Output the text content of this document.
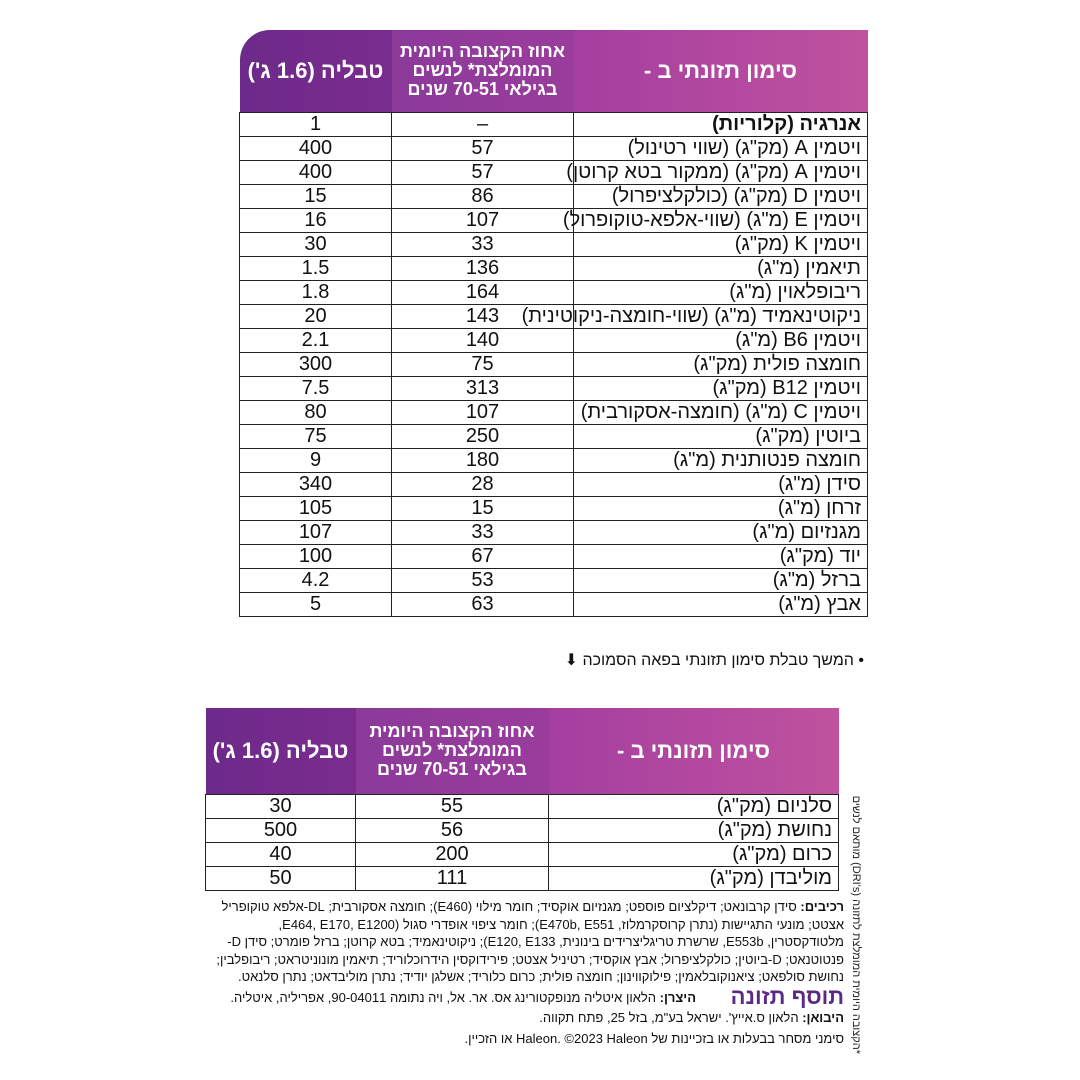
סימון תזונתי ב -	אחוז הקצובה היומית המומלצת* לנשים בגילאי 70-51 שנים	טבליה (1.6 ג')
אנרגיה (קלוריות)	–	1
ויטמין A (מק"ג) (שווי רטינול)	57	400
ויטמין A (מק"ג) (ממקור בטא קרוטן)	57	400
ויטמין D (מק"ג) (כולקלציפרול)	86	15
ויטמין E (מ"ג) (שווי-אלפא-טוקופרול)	107	16
ויטמין K (מק"ג)	33	30
תיאמין (מ"ג)	136	1.5
ריבופלאוין (מ"ג)	164	1.8
ניקוטינאמיד (מ"ג) (שווי-חומצה-ניקוטינית)	143	20
ויטמין B6 (מ"ג)	140	2.1
חומצה פולית (מק"ג)	75	300
ויטמין B12 (מק"ג)	313	7.5
ויטמין C (מ"ג) (חומצה-אסקורבית)	107	80
ביוטין (מק"ג)	250	75
חומצה פנטותנית (מ"ג)	180	9
סידן (מ"ג)	28	340
זרחן (מ"ג)	15	105
מגנזיום (מ"ג)	33	107
יוד (מק"ג)	67	100
ברזל (מ"ג)	53	4.2
אבץ (מ"ג)	63	5
• המשך טבלת סימון תזונתי בפאה הסמוכה ⬇
סימון תזונתי ב -	אחוז הקצובה היומית המומלצת* לנשים בגילאי 70-51 שנים	טבליה (1.6 ג')
סלניום (מק"ג)	55	30
נחושת (מק"ג)	56	500
כרום (מק"ג)	200	40
מוליבדן (מק"ג)	111	50
רכיבים: סידן קרבונאט; דיקלציום פוספט; מגנזיום אוקסיד; חומר מילוי (E460); חומצה אסקורבית; DL-אלפא טוקופריל אצטט; מונעי התגיישות (נתרן קרוסקרמלוז, E470b, E551); חומר ציפוי אופדרי סגול (E464, E170, E1200, מלטודקסטרין, E553b, שרשרת טריגליצרידים בינונית, E120, E133); ניקוטינאמיד; בטא קרוטן; ברזל פומרט; סידן D-פנטוטנאט; D-ביוטין; כולקלציפרול; אבץ אוקסיד; רטיניל אצטט; פירידוקסין הידרוכלוריד; תיאמין מונוניטראט; ריבופלבין; נחושת סולפאט; ציאנוקובלאמין; פילוקווינון; חומצה פולית; כרום כלוריד; אשלגן יודיד; נתרן מוליבדאט; נתרן סלנאט.
תוסף תזונה
היצרן: הלאון איטליה מנופקטורינג אס. אר. אל, ויה נתומה 90-04011, אפריליה, איטליה.
היבואן: הלאון ס.אייץ'. ישראל בע"מ, בזל 25, פתח תקווה.
סימני מסחר בבעלות או בזכיינות של Haleon. ©2023 Haleon או הזכיין.
*הקצובה היומית המומלצת לתזונה (DRI's) מותאם לנשים
